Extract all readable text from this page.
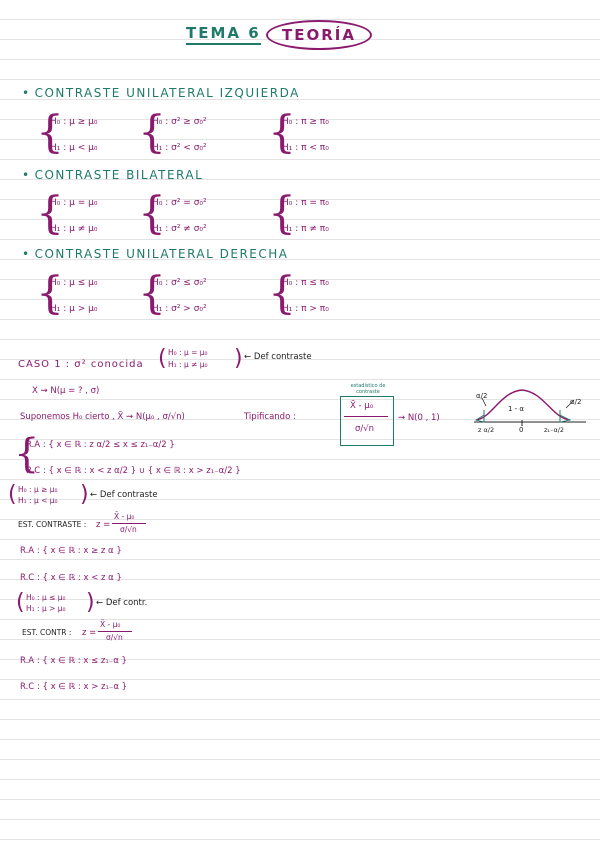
TEMA 6	TEORÍA
• CONTRASTE UNILATERAL IZQUIERDA
{
H₀ : μ ≥ μ₀
H₁ : μ < μ₀ {
H₀ : σ² ≥ σ₀²
H₁ : σ² < σ₀² {
H₀ : π ≥ π₀
H₁ : π < π₀
• CONTRASTE BILATERAL
{
H₀ : μ = μ₀
H₁ : μ ≠ μ₀ {
H₀ : σ² = σ₀²
H₁ : σ² ≠ σ₀² {
H₀ : π = π₀
H₁ : π ≠ π₀
• CONTRASTE UNILATERAL DERECHA
{
H₀ : μ ≤ μ₀
H₁ : μ > μ₀ {
H₀ : σ² ≤ σ₀²
H₁ : σ² > σ₀² {
H₀ : π ≤ π₀
H₁ : π > π₀
CASO 1 : σ² conocida ( H₀ : μ = μ₀
H₁ : μ ≠ μ₀ ) ← Def contraste
X ⇝ N(μ = ? , σ)
Suponemos H₀ cierto , X̄ ⇝ N(μ₀ , σ/√n)	Tipificando :
estadístico de contraste
X̄ - μ₀
σ/√n
⇝ N(0 , 1)
α/2
α/2
1 - α
0
z α/2	z₁₋α/2
{
R.A : { x ∈ ℝ : z α/2 ≤ x ≤ z₁₋α/2 }
R.C : { x ∈ ℝ : x < z α/2 } ∪ { x ∈ ℝ : x > z₁₋α/2 }
( H₀ : μ ≥ μ₀
H₁ : μ < μ₀ ) ← Def contraste
EST. CONTRASTE : z =
X̄ - μ₀
σ/√n
R.A : { x ∈ ℝ : x ≥ z α }
R.C : { x ∈ ℝ : x < z α }
( H₀ : μ ≤ μ₀
H₁ : μ > μ₀ ) ← Def contr.
EST. CONTR : z =
X̄ - μ₀
σ/√n
R.A : { x ∈ ℝ : x ≤ z₁₋α }
R.C : { x ∈ ℝ : x > z₁₋α }
